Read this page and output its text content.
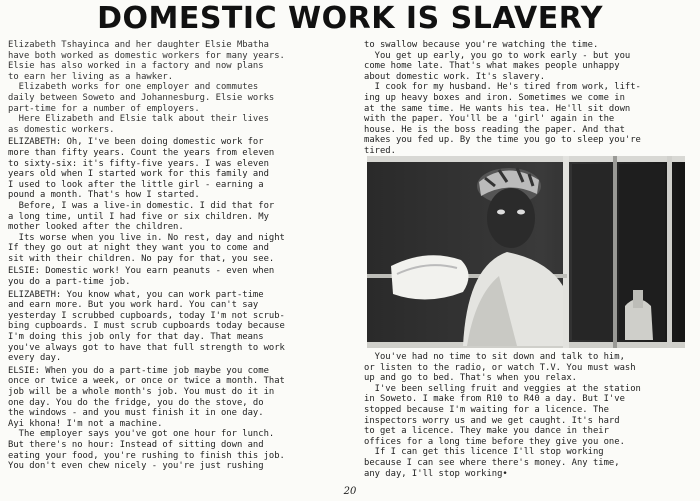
DOMESTIC WORK IS SLAVERY

Elizabeth Tshayinca and her daughter Elsie Mbatha
have both worked as domestic workers for many years.
Elsie has also worked in a factory and now plans
to earn her living as a hawker.
Elizabeth works for one employer and commutes
daily between Soweto and Johannesburg. Elsie works
part-time for a number of employers.
Here Elizabeth and Elsie talk about their lives
as domestic workers.

ELIZABETH: Oh, I've been doing domestic work for
more than fifty years. Count the years from eleven
to sixty-six: it's fifty-five years. I was eleven
years old when I started work for this family and
I used to look after the little girl - earning a
pound a month. That's how I started.
Before, I was a live-in domestic. I did that for
a long time, until I had five or six children. My
mother looked after the children.
Its worse when you live in. No rest, day and night
If they go out at night they want you to come and
sit with their children. No pay for that, you see.

ELSIE: Domestic work! You earn peanuts - even when
you do a part-time job.

ELIZABETH: You know what, you can work part-time
and earn more. But you work hard. You can't say
yesterday I scrubbed cupboards, today I'm not scrub-
bing cupboards. I must scrub cupboards today because
I'm doing this job only for that day. That means
you've always got to have that full strength to work
every day.

ELSIE: When you do a part-time job maybe you come
once or twice a week, or once or twice a month. That
job will be a whole month's job. You must do it in
one day. You do the fridge, you do the stove, do
the windows - and you must finish it in one day.
Ayi khona! I'm not a machine.
The employer says you've got one hour for lunch.
But there's no hour: Instead of sitting down and
eating your food, you're rushing to finish this job.
You don't even chew nicely - you're just rushing

to swallow because you're watching the time.
You get up early, you go to work early - but you
come home late. That's what makes people unhappy
about domestic work. It's slavery.
I cook for my husband. He's tired from work, lift-
ing up heavy boxes and iron. Sometimes we come in
at the same time. He wants his tea. He'll sit down
with the paper. You'll be a 'girl' again in the
house. He is the boss reading the paper. And that
makes you fed up. By the time you go to sleep you're
tired.
You've had no time to sit down and talk to him,
or listen to the radio, or watch T.V. You must wash
up and go to bed. That's when you relax.
I've been selling fruit and veggies at the station
in Soweto. I make from R10 to R40 a day. But I've
stopped because I'm waiting for a licence. The
inspectors worry us and we get caught. It's hard
to get a licence. They make you dance in their
offices for a long time before they give you one.
If I can get this licence I'll stop working
because I can see where there's money. Any time,
any day, I'll stop working•
20
